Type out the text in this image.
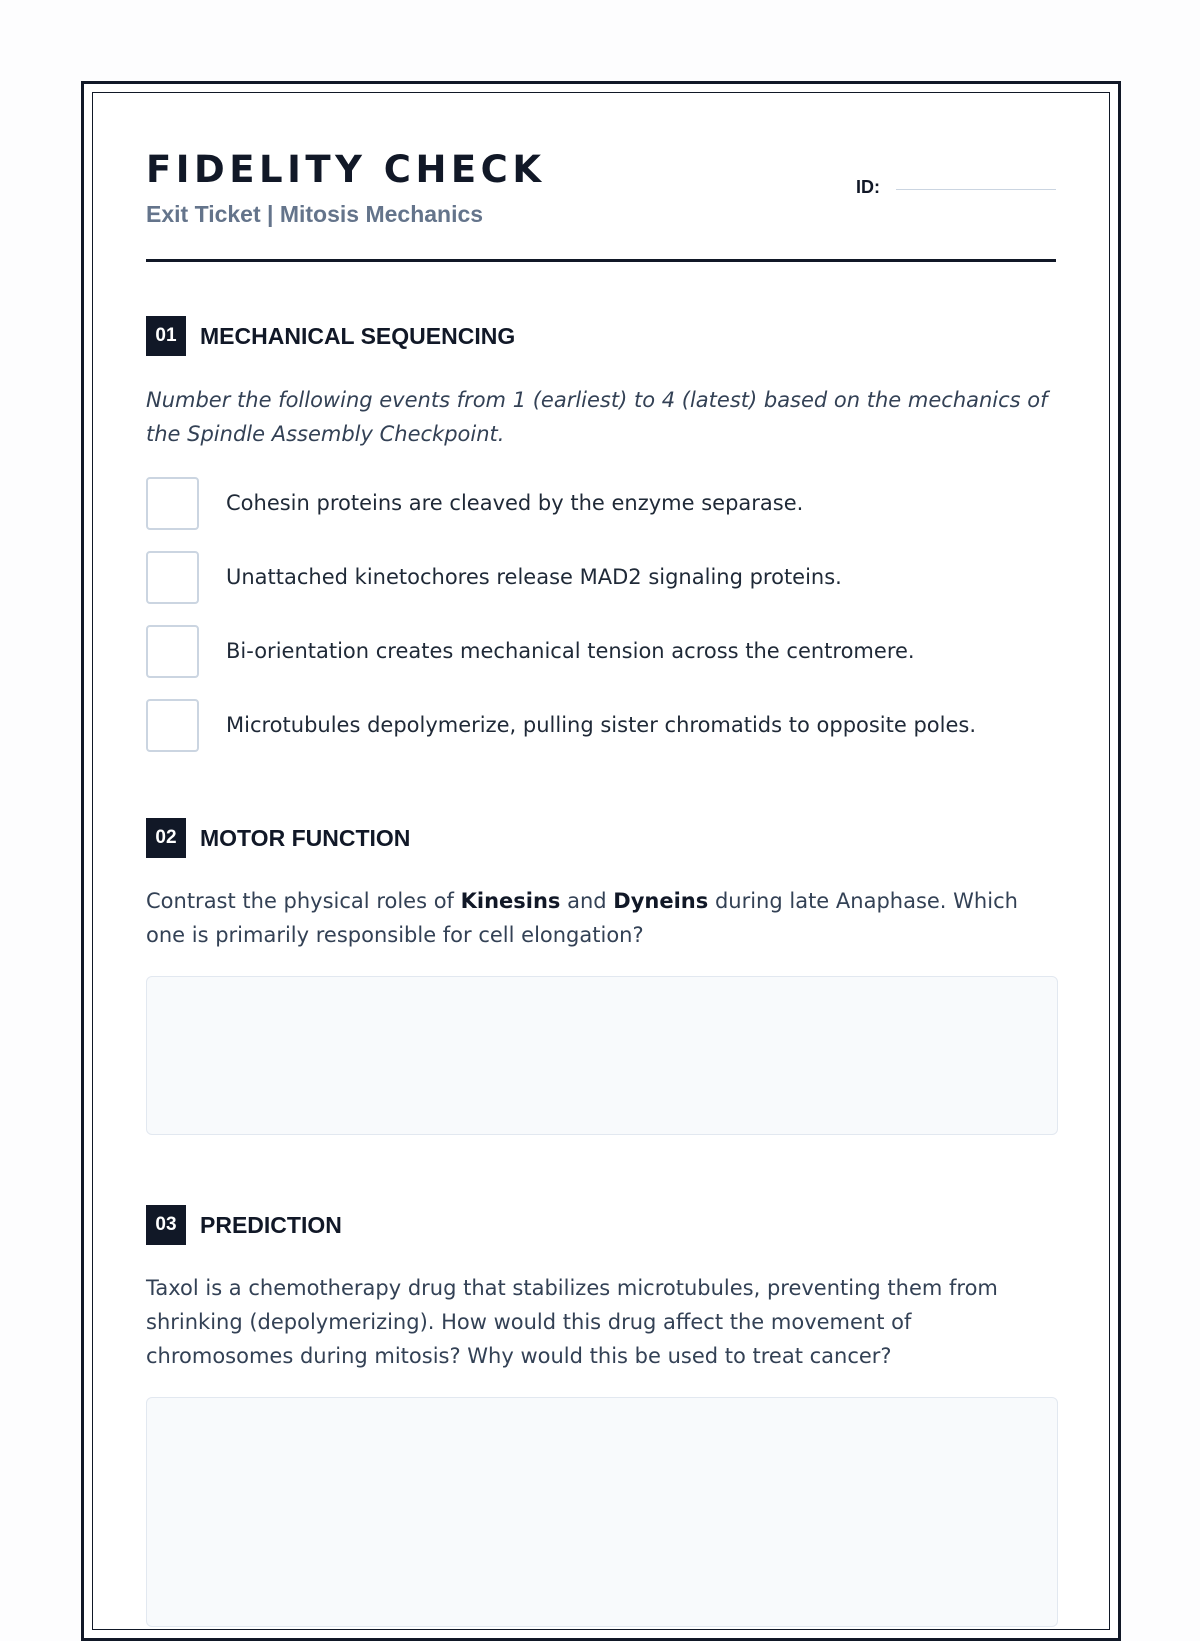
FIDELITY CHECK
Exit Ticket | Mitosis Mechanics
ID:
01	MECHANICAL SEQUENCING

Number the following events from 1 (earliest) to 4 (latest) based on the mechanics of the Spindle Assembly Checkpoint.

Cohesin proteins are cleaved by the enzyme separase.
Unattached kinetochores release MAD2 signaling proteins.
Bi-orientation creates mechanical tension across the centromere.
Microtubules depolymerize, pulling sister chromatids to opposite poles.
02	MOTOR FUNCTION

Contrast the physical roles of Kinesins and Dyneins during late Anaphase. Which one is primarily responsible for cell elongation?

03	PREDICTION

Taxol is a chemotherapy drug that stabilizes microtubules, preventing them from shrinking (depolymerizing). How would this drug affect the movement of chromosomes during mitosis? Why would this be used to treat cancer?
